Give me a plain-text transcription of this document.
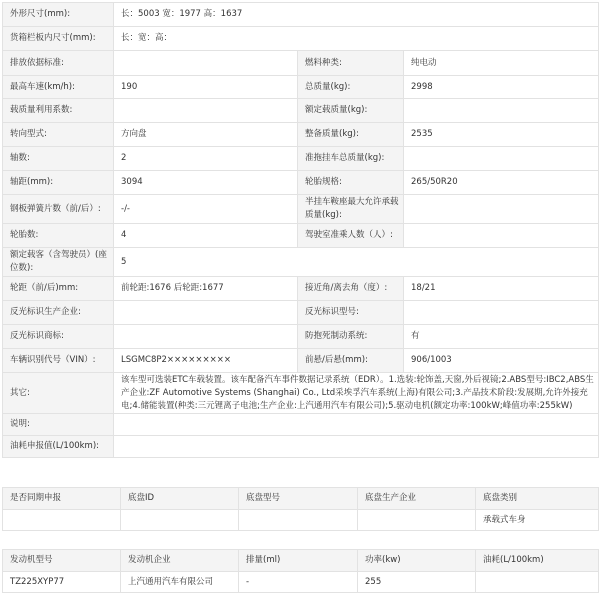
外形尺寸(mm):	长：5003 宽：1977 高：1637		
货箱栏板内尺寸(mm):	长：宽：高：		
排放依据标准:		燃料种类:	纯电动
最高车速(km/h):	190	总质量(kg):	2998
载质量利用系数:		额定载质量(kg):	
转向型式:	方向盘	整备质量(kg):	2535
轴数:	2	准拖挂车总质量(kg):	
轴距(mm):	3094	轮胎规格:	265/50R20
钢板弹簧片数（前/后）:	-/-	半挂车鞍座最大允许承载质量(kg):	
轮胎数:	4	驾驶室准乘人数（人）:	
额定载客（含驾驶员）(座位数):	5		
轮距（前/后)mm:	前轮距:1676 后轮距:1677	接近角/离去角（度）:	18/21
反光标识生产企业:		反光标识型号:	
反光标识商标:		防抱死制动系统:	有
车辆识别代号（VIN）:	LSGMC8P2×××××××××	前悬/后悬(mm):	906/1003
其它:	该车型可选装ETC车载装置。该车配备汽车事件数据记录系统（EDR）。1.选装:轮饰盖,天窗,外后视镜;2.ABS型号:IBC2,ABS生产企业:ZF Automotive Systems (Shanghai) Co., Ltd采埃孚汽车系统(上海)有限公司;3.产品技术阶段:发展期,允许外接充电;4.储能装置(种类:三元锂离子电池;生产企业:上汽通用汽车有限公司);5.驱动电机(额定功率:100kW;峰值功率:255kW)		
说明:			
油耗申报值(L/100km):			
是否同期申报	底盘ID	底盘型号	底盘生产企业	底盘类别
				承载式车身
发动机型号	发动机企业	排量(ml)	功率(kw)	油耗(L/100km)
TZ225XYP77	上汽通用汽车有限公司	-	255	
